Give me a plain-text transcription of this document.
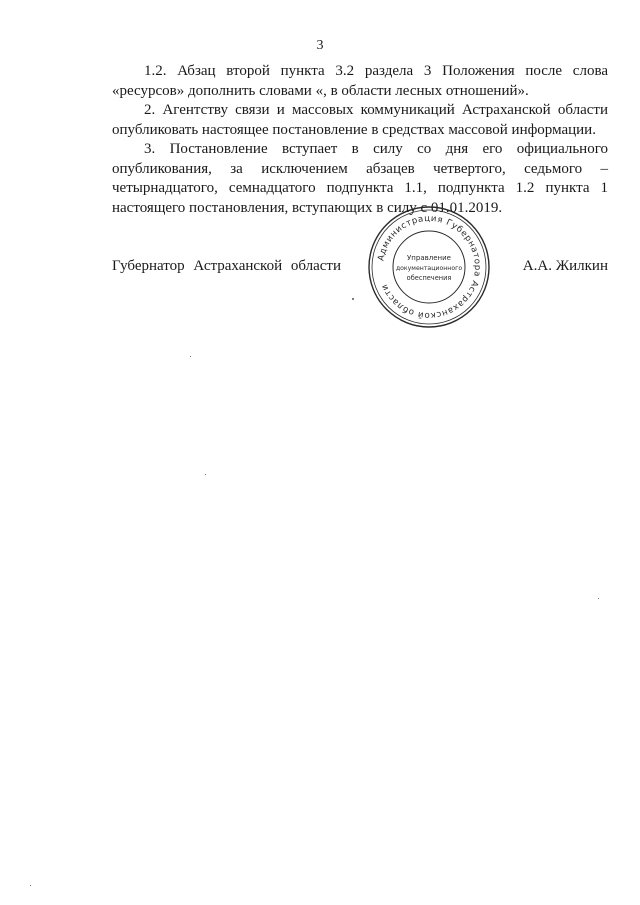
3

1.2. Абзац второй пункта 3.2 раздела 3 Положения после слова «ресурсов» дополнить словами «, в области лесных отношений».

2. Агентству связи и массовых коммуникаций Астраханской области опубликовать настоящее постановление в средствах массовой информации.

3. Постановление вступает в силу со дня его официального опубликования, за исключением абзацев четвертого, седьмого – четырнадцатого, семнадцатого подпункта 1.1, подпункта 1.2 пункта 1 настоящего постановления, вступающих в силу с 01.01.2019.

Губернатор Астраханской области	А.А. Жилкин
Администрация Губернатора Астраханской области
Управление
документационного
обеспечения
